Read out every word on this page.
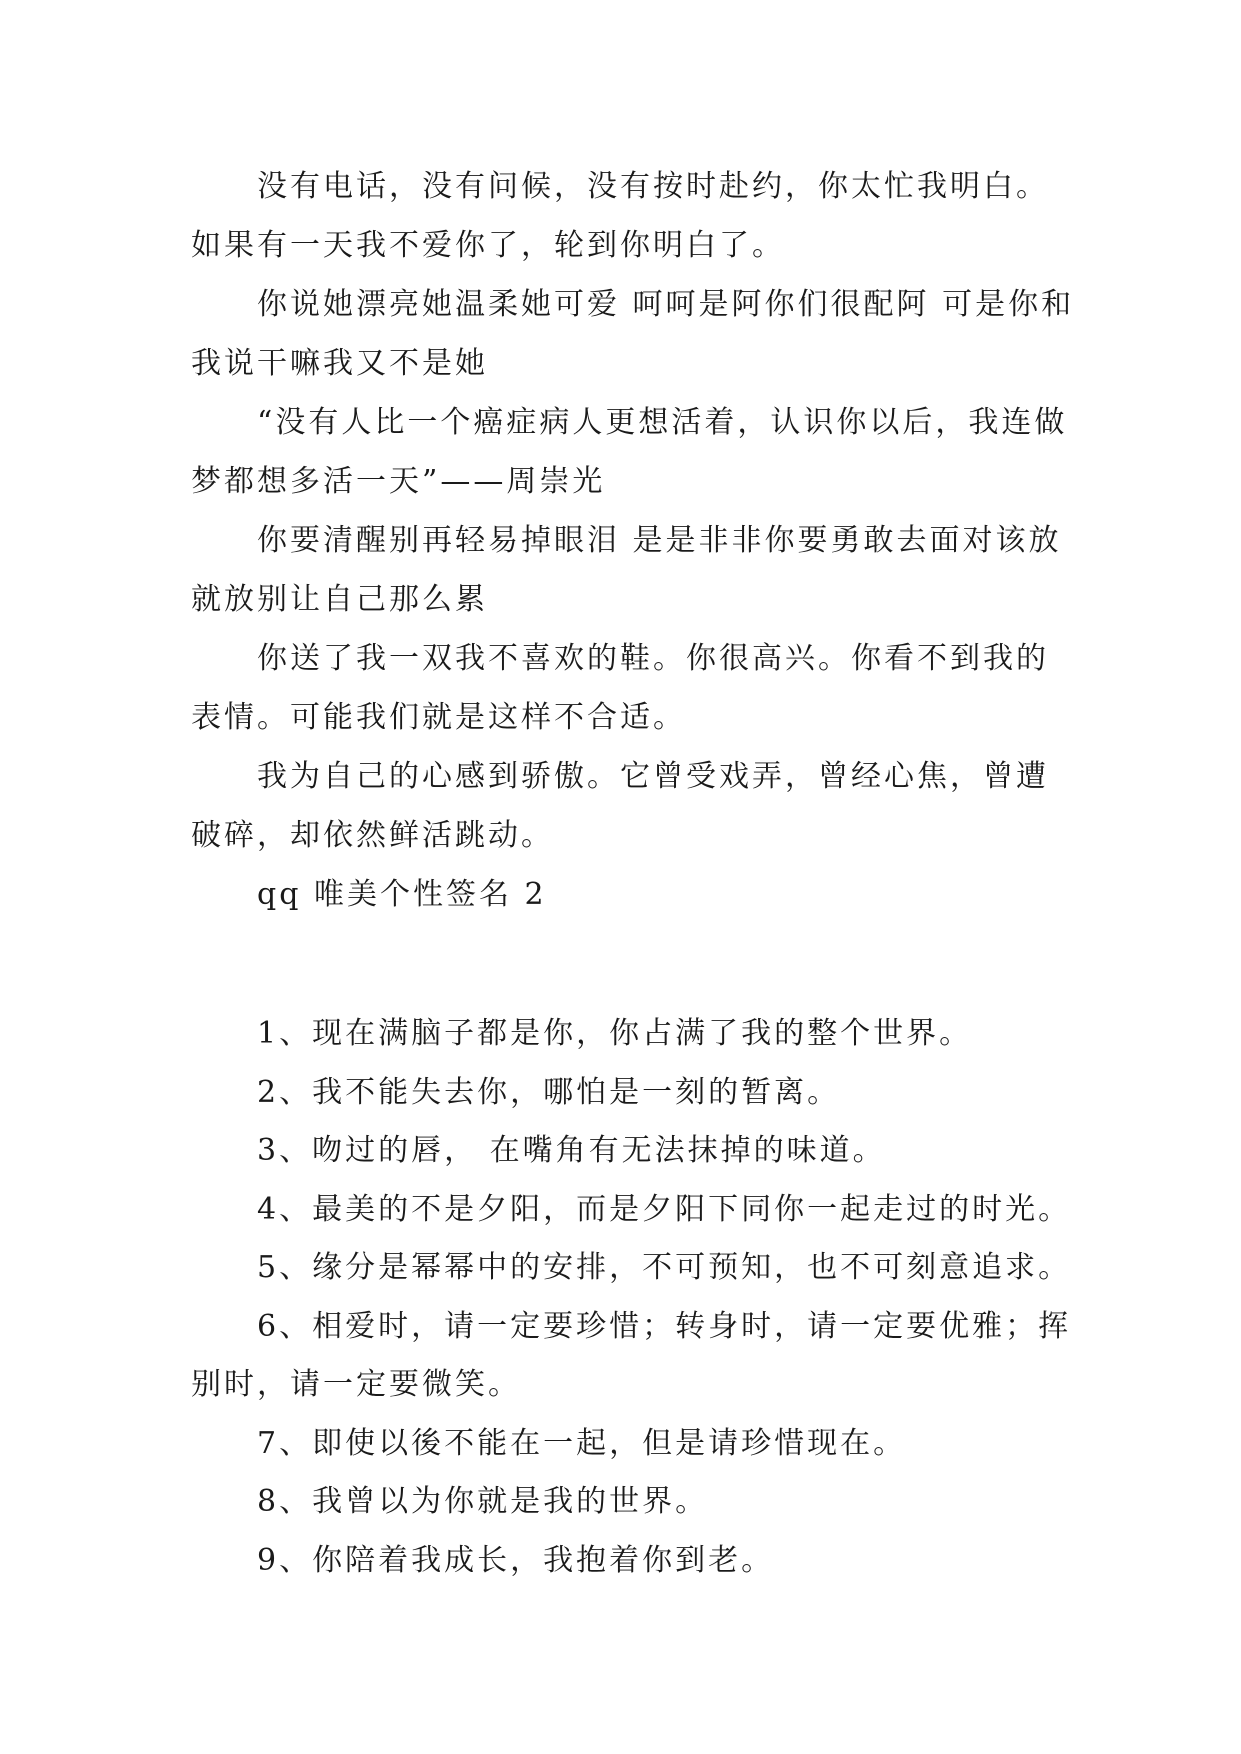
没有电话，没有问候，没有按时赴约，你太忙我明白。如果有一天我不爱你了，轮到你明白了。

你说她漂亮她温柔她可爱 呵呵是阿你们很配阿 可是你和我说干嘛我又不是她

“没有人比一个癌症病人更想活着，认识你以后，我连做梦都想多活一天”——周崇光

你要清醒别再轻易掉眼泪 是是非非你要勇敢去面对该放就放别让自己那么累

你送了我一双我不喜欢的鞋。你很高兴。你看不到我的表情。可能我们就是这样不合适。

我为自己的心感到骄傲。它曾受戏弄，曾经心焦，曾遭破碎，却依然鲜活跳动。

qq 唯美个性签名 2

1、现在满脑子都是你，你占满了我的整个世界。

2、我不能失去你，哪怕是一刻的暂离。

3、吻过的唇， 在嘴角有无法抹掉的味道。

4、最美的不是夕阳，而是夕阳下同你一起走过的时光。

5、缘分是幂幂中的安排，不可预知，也不可刻意追求。

6、相爱时，请一定要珍惜；转身时，请一定要优雅；挥别时，请一定要微笑。

7、即使以後不能在一起，但是请珍惜现在。

8、我曾以为你就是我的世界。

9、你陪着我成长，我抱着你到老。
